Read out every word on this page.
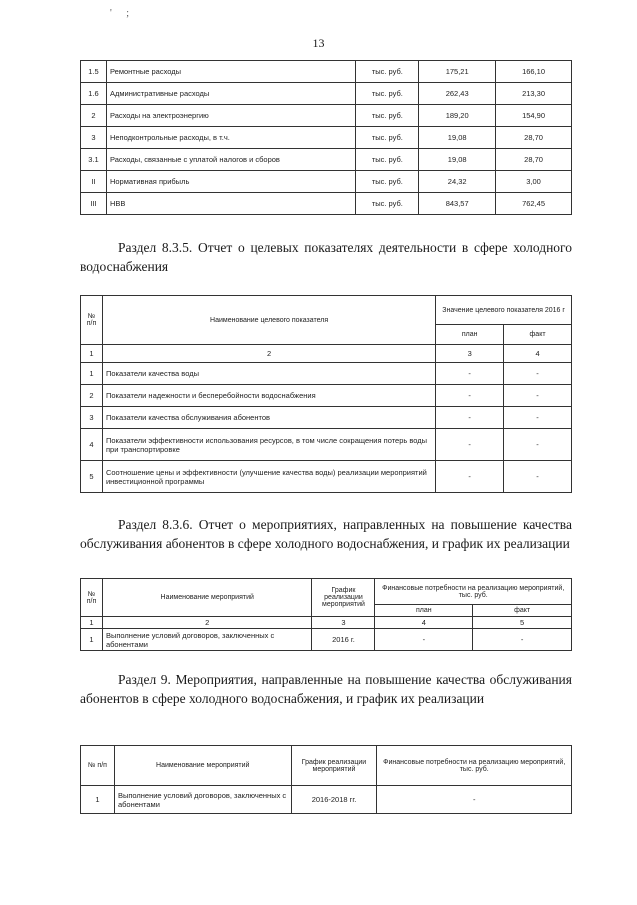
' ;
13
1.5	Ремонтные расходы	тыс. руб.	175,21	166,10
1.6	Административные расходы	тыс. руб.	262,43	213,30
2	Расходы на электроэнергию	тыс. руб.	189,20	154,90
3	Неподконтрольные расходы, в т.ч.	тыс. руб.	19,08	28,70
3.1	Расходы, связанные с уплатой налогов и сборов	тыс. руб.	19,08	28,70
II	Нормативная прибыль	тыс. руб.	24,32	3,00
III	НВВ	тыс. руб.	843,57	762,45

Раздел 8.3.5. Отчет о целевых показателях деятельности в сфере холодного водоснабжения

№ п/п	Наименование целевого показателя	Значение целевого показателя 2016 г	
		план	факт
1	2	3	4
1	Показатели качества воды	-	-
2	Показатели надежности и бесперебойности водоснабжения	-	-
3	Показатели качества обслуживания абонентов	-	-
4	Показатели эффективности использования ресурсов, в том числе сокращения потерь воды при транспортировке	-	-
5	Соотношение цены и эффективности (улучшение качества воды) реализации мероприятий инвестиционной программы	-	-

Раздел 8.3.6. Отчет о мероприятиях, направленных на повышение качества обслуживания абонентов в сфере холодного водоснабжения, и график их реализации

№ п/п	Наименование мероприятий	График реализации мероприятий	Финансовые потребности на реализацию мероприятий, тыс. руб.	
			план	факт
1	2	3	4	5
1	Выполнение условий договоров, заключенных с абонентами	2016 г.	-	-

Раздел 9. Мероприятия, направленные на повышение качества обслуживания абонентов в сфере холодного водоснабжения, и график их реализации

№ п/п	Наименование мероприятий	График реализации мероприятий	Финансовые потребности на реализацию мероприятий, тыс. руб.
1	Выполнение условий договоров, заключенных с абонентами	2016-2018 гг.	-
